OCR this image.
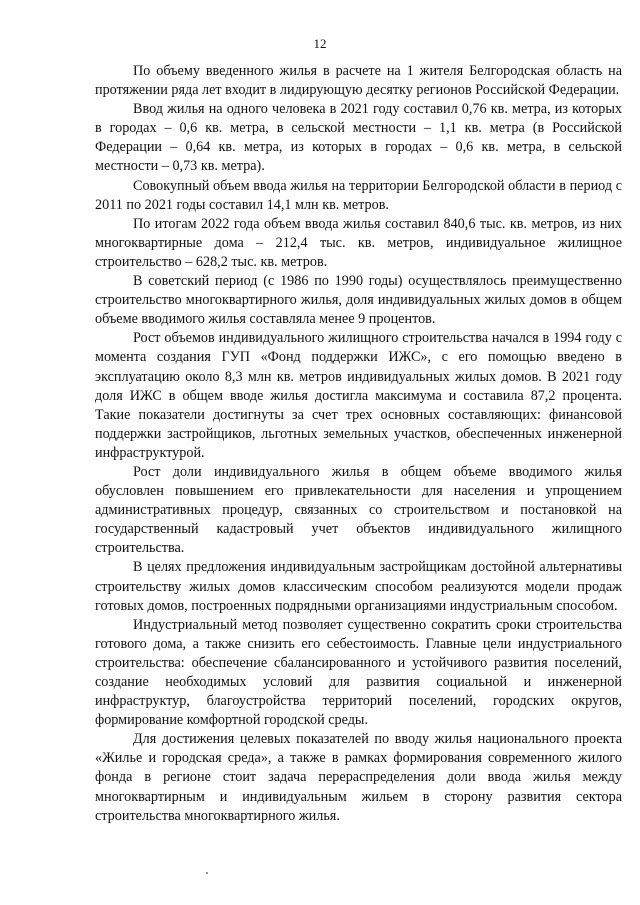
12

По объему введенного жилья в расчете на 1 жителя Белгородская область на протяжении ряда лет входит в лидирующую десятку регионов Российской Федерации.

Ввод жилья на одного человека в 2021 году составил 0,76 кв. метра, из которых в городах – 0,6 кв. метра, в сельской местности – 1,1 кв. метра (в Российской Федерации – 0,64 кв. метра, из которых в городах – 0,6 кв. метра, в сельской местности – 0,73 кв. метра).

Совокупный объем ввода жилья на территории Белгородской области в период с 2011 по 2021 годы составил 14,1 млн кв. метров.

По итогам 2022 года объем ввода жилья составил 840,6 тыс. кв. метров, из них многоквартирные дома – 212,4 тыс. кв. метров, индивидуальное жилищное строительство – 628,2 тыс. кв. метров.

В советский период (с 1986 по 1990 годы) осуществлялось преимущественно строительство многоквартирного жилья, доля индивидуальных жилых домов в общем объеме вводимого жилья составляла менее 9 процентов.

Рост объемов индивидуального жилищного строительства начался в 1994 году с момента создания ГУП «Фонд поддержки ИЖС», с его помощью введено в эксплуатацию около 8,3 млн кв. метров индивидуальных жилых домов. В 2021 году доля ИЖС в общем вводе жилья достигла максимума и составила 87,2 процента. Такие показатели достигнуты за счет трех основных составляющих: финансовой поддержки застройщиков, льготных земельных участков, обеспеченных инженерной инфраструктурой.

Рост доли индивидуального жилья в общем объеме вводимого жилья обусловлен повышением его привлекательности для населения и упрощением административных процедур, связанных со строительством и постановкой на государственный кадастровый учет объектов индивидуального жилищного строительства.

В целях предложения индивидуальным застройщикам достойной альтернативы строительству жилых домов классическим способом реализуются модели продаж готовых домов, построенных подрядными организациями индустриальным способом.

Индустриальный метод позволяет существенно сократить сроки строительства готового дома, а также снизить его себестоимость. Главные цели индустриального строительства: обеспечение сбалансированного и устойчивого развития поселений, создание необходимых условий для развития социальной и инженерной инфраструктур, благоустройства территорий поселений, городских округов, формирование комфортной городской среды.

Для достижения целевых показателей по вводу жилья национального проекта «Жилье и городская среда», а также в рамках формирования современного жилого фонда в регионе стоит задача перераспределения доли ввода жилья между многоквартирным и индивидуальным жильем в сторону развития сектора строительства многоквартирного жилья.
